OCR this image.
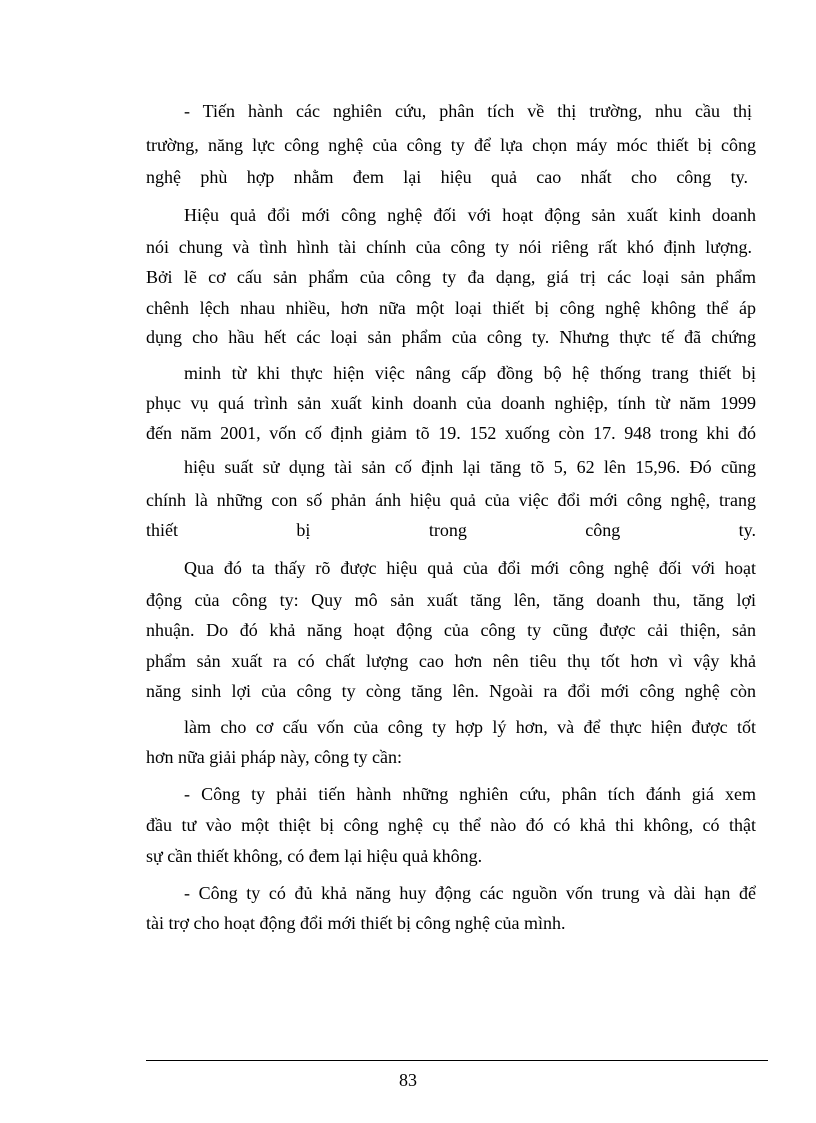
- Tiến hành các nghiên cứu, phân tích về thị trường, nhu cầu thị
trường, năng lực công nghệ của công ty để lựa chọn máy móc thiết bị công
nghệ phù hợp nhằm đem lại hiệu quả cao nhất cho công ty.
Hiệu quả đổi mới công nghệ đối với hoạt động sản xuất kinh doanh
nói chung và tình hình tài chính của công ty nói riêng rất khó định lượng.
Bởi lẽ cơ cấu sản phẩm của công ty đa dạng, giá trị các loại sản phẩm
chênh lệch nhau nhiều, hơn nữa một loại thiết bị công nghệ không thể áp
dụng cho hầu hết các loại sản phẩm của công ty. Nhưng thực tế đã chứng
minh từ khi thực hiện việc nâng cấp đồng bộ hệ thống trang thiết bị
phục vụ quá trình sản xuất kinh doanh của doanh nghiệp, tính từ năm 1999
đến năm 2001, vốn cố định giảm tõ 19. 152 xuống còn 17. 948 trong khi đó
hiệu suất sử dụng tài sản cố định lại tăng tõ 5, 62 lên 15,96. Đó cũng
chính là những con số phản ánh hiệu quả của việc đổi mới công nghệ, trang
thiết bị trong công ty.
Qua đó ta thấy rõ được hiệu quả của đổi mới công nghệ đối với hoạt
động của công ty: Quy mô sản xuất tăng lên, tăng doanh thu, tăng lợi
nhuận. Do đó khả năng hoạt động của công ty cũng được cải thiện, sản
phẩm sản xuất ra có chất lượng cao hơn nên tiêu thụ tốt hơn vì vậy khả
năng sinh lợi của công ty còng tăng lên. Ngoài ra đổi mới công nghệ còn
làm cho cơ cấu vốn của công ty hợp lý hơn, và để thực hiện được tốt
hơn nữa giải pháp này, công ty cần:
- Công ty phải tiến hành những nghiên cứu, phân tích đánh giá xem
đầu tư vào một thiệt bị công nghệ cụ thể nào đó có khả thi không, có thật
sự cần thiết không, có đem lại hiệu quả không.
- Công ty có đủ khả năng huy động các nguồn vốn trung và dài hạn để
tài trợ cho hoạt động đổi mới thiết bị công nghệ của mình.
83
